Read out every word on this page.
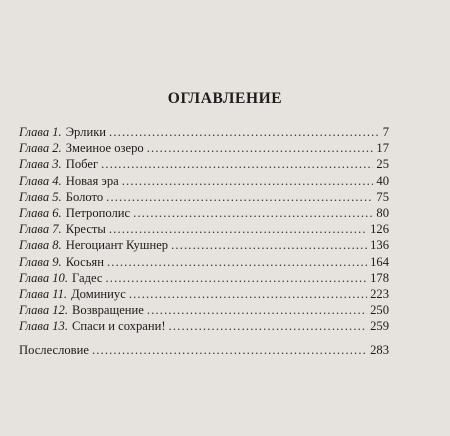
ОГЛАВЛЕНИЕ
Глава 1. Эрлики . . .	7
Глава 2. Змеиное озеро . . .	17
Глава 3. Побег . . .	25
Глава 4. Новая эра . . .	40
Глава 5. Болото . . .	75
Глава 6. Петрополис . . .	80
Глава 7. Кресты . . .	126
Глава 8. Негоциант Кушнер . . .	136
Глава 9. Косьян . . .	164
Глава 10. Гадес . . .	178
Глава 11. Доминиус . . .	223
Глава 12. Возвращение . . .	250
Глава 13. Спаси и сохрани! . . .	259
Послесловие . . .	283
